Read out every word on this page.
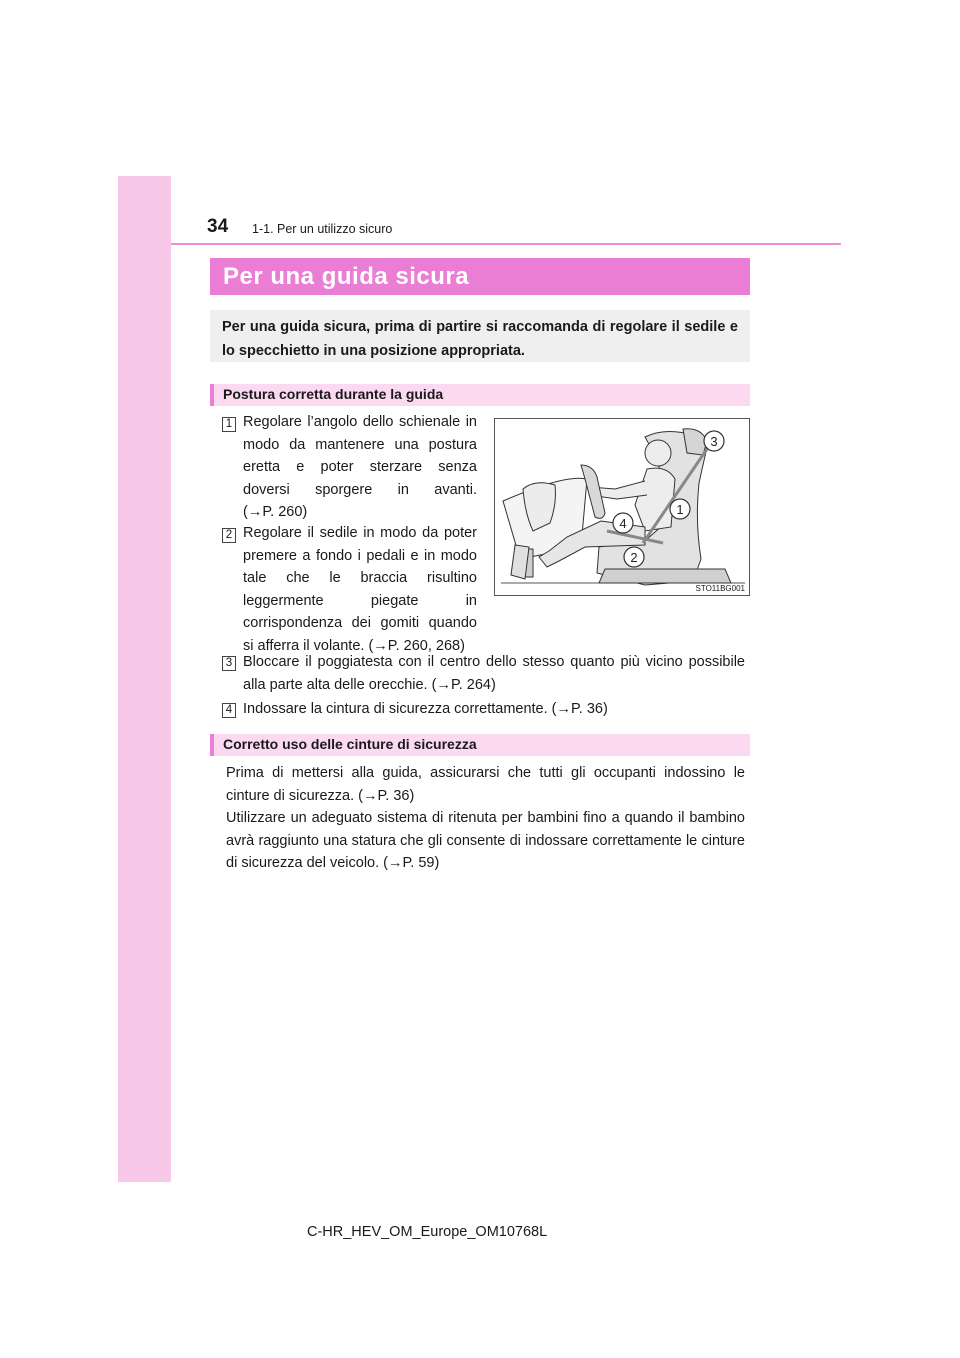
34 1-1. Per un utilizzo sicuro
Per una guida sicura

Per una guida sicura, prima di partire si raccomanda di regolare il sedile e lo specchietto in una posizione appropriata.

Postura corretta durante la guida
1 Regolare l’angolo dello schienale in modo da mantenere una postura eretta e poter sterzare senza doversi sporgere in avanti.
(→P. 260)
2 Regolare il sedile in modo da poter premere a fondo i pedali e in modo tale che le braccia risultino leggermente piegate in corrispondenza dei gomiti quando
si afferra il volante. (→P. 260, 268)
1
2
3
4
STO11BG001
3 Bloccare il poggiatesta con il centro dello stesso quanto più vicino possibile alla parte alta delle orecchie. (→P. 264)

4 Indossare la cintura di sicurezza correttamente. (→P. 36)

Corretto uso delle cinture di sicurezza

Prima di mettersi alla guida, assicurarsi che tutti gli occupanti indossino le cinture di sicurezza. (→P. 36)

Utilizzare un adeguato sistema di ritenuta per bambini fino a quando il bambino avrà raggiunto una statura che gli consente di indossare correttamente le cinture di sicurezza del veicolo. (→P. 59)

C-HR_HEV_OM_Europe_OM10768L
